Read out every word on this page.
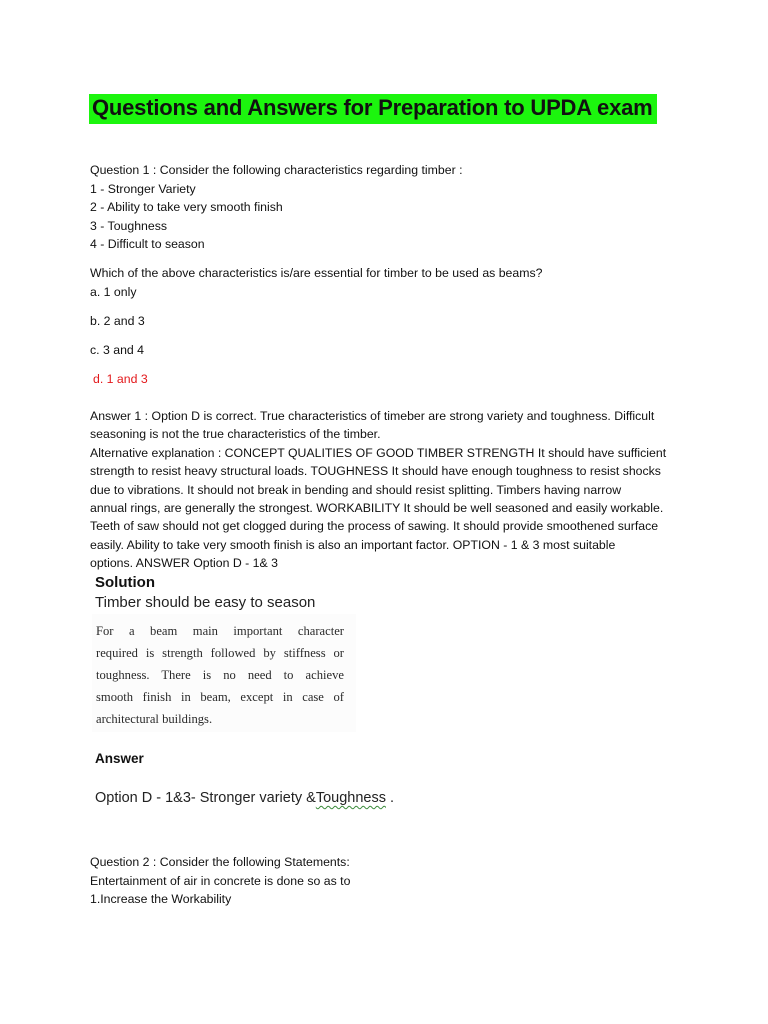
Questions and Answers for Preparation to UPDA exam
Question 1 : Consider the following characteristics regarding timber :
1 - Stronger Variety
2 - Ability to take very smooth finish
3 - Toughness
4 - Difficult to season
Which of the above characteristics is/are essential for timber to be used as beams?
a. 1 only
b. 2 and 3
c. 3 and 4
d. 1 and 3
Answer 1 : Option D is correct. True characteristics of timeber are strong variety and toughness. Difficult
seasoning is not the true characteristics of the timber.
Alternative explanation : CONCEPT QUALITIES OF GOOD TIMBER STRENGTH It should have sufficient
strength to resist heavy structural loads. TOUGHNESS It should have enough toughness to resist shocks
due to vibrations. It should not break in bending and should resist splitting. Timbers having narrow
annual rings, are generally the strongest. WORKABILITY It should be well seasoned and easily workable.
Teeth of saw should not get clogged during the process of sawing. It should provide smoothened surface
easily. Ability to take very smooth finish is also an important factor. OPTION - 1 & 3 most suitable
options. ANSWER Option D - 1& 3
Solution
Timber should be easy to season
For a beam main important character
required is strength followed by stiffness or
toughness. There is no need to achieve
smooth finish in beam, except in case of
architectural buildings.
Answer
Option D - 1&3- Stronger variety &Toughness .
Question 2 : Consider the following Statements:
Entertainment of air in concrete is done so as to
1.Increase the Workability
